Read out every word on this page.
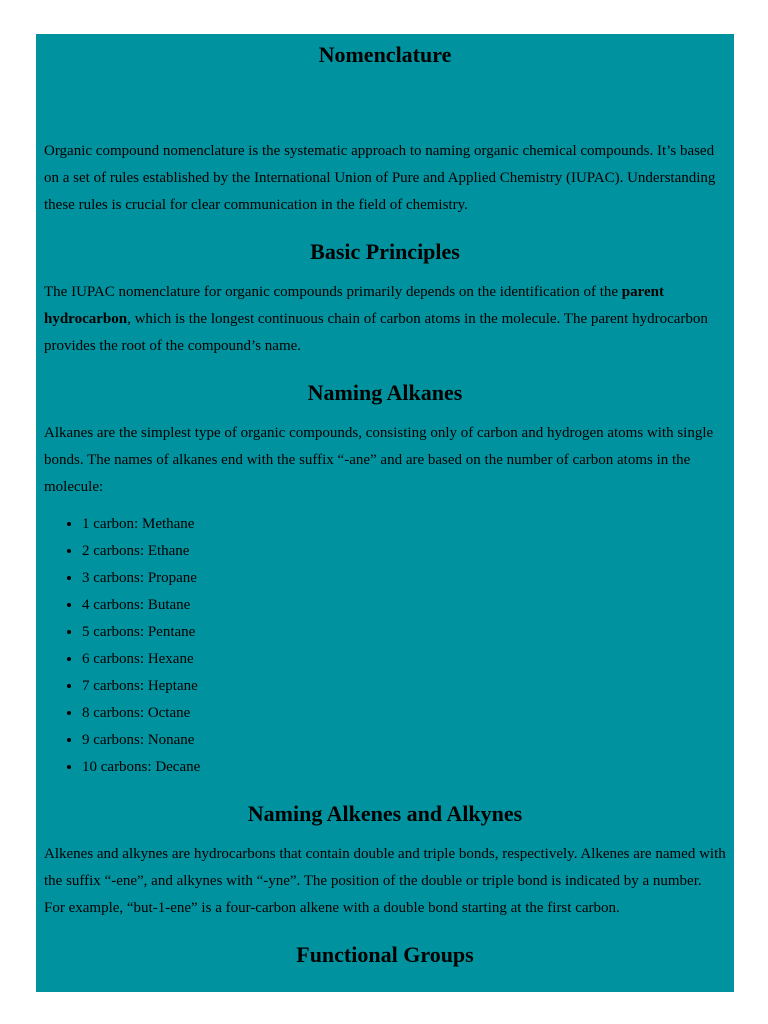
Nomenclature

Organic compound nomenclature is the systematic approach to naming organic chemical compounds. It’s based on a set of rules established by the International Union of Pure and Applied Chemistry (IUPAC). Understanding these rules is crucial for clear communication in the field of chemistry.

Basic Principles

The IUPAC nomenclature for organic compounds primarily depends on the identification of the parent hydrocarbon, which is the longest continuous chain of carbon atoms in the molecule. The parent hydrocarbon provides the root of the compound’s name.

Naming Alkanes

Alkanes are the simplest type of organic compounds, consisting only of carbon and hydrogen atoms with single bonds. The names of alkanes end with the suffix “-ane” and are based on the number of carbon atoms in the molecule:

• 1 carbon: Methane
• 2 carbons: Ethane
• 3 carbons: Propane
• 4 carbons: Butane
• 5 carbons: Pentane
• 6 carbons: Hexane
• 7 carbons: Heptane
• 8 carbons: Octane
• 9 carbons: Nonane
• 10 carbons: Decane
Naming Alkenes and Alkynes

Alkenes and alkynes are hydrocarbons that contain double and triple bonds, respectively. Alkenes are named with the suffix “-ene”, and alkynes with “-yne”. The position of the double or triple bond is indicated by a number. For example, “but-1-ene” is a four-carbon alkene with a double bond starting at the first carbon.

Functional Groups
